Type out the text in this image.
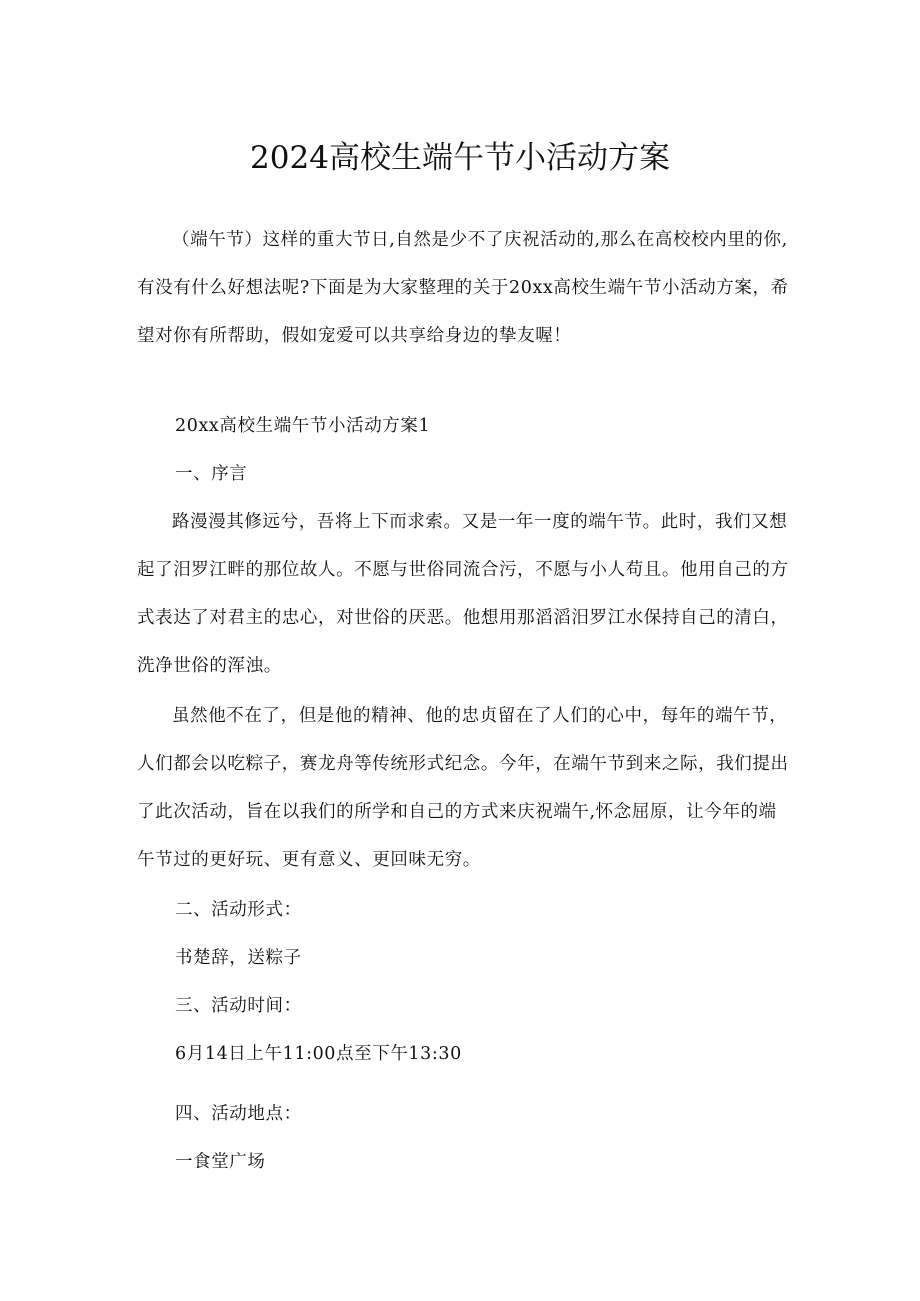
2024高校生端午节小活动方案

（端午节）这样的重大节日,自然是少不了庆祝活动的,那么在高校校内里的你,有没有什么好想法呢?下面是为大家整理的关于20xx高校生端午节小活动方案，希望对你有所帮助，假如宠爱可以共享给身边的挚友喔！

20xx高校生端午节小活动方案1

一、序言

路漫漫其修远兮，吾将上下而求索。又是一年一度的端午节。此时，我们又想起了汨罗江畔的那位故人。不愿与世俗同流合污，不愿与小人苟且。他用自己的方式表达了对君主的忠心，对世俗的厌恶。他想用那滔滔汨罗江水保持自己的清白，洗净世俗的浑浊。

虽然他不在了，但是他的精神、他的忠贞留在了人们的心中，每年的端午节，人们都会以吃粽子，赛龙舟等传统形式纪念。今年，在端午节到来之际，我们提出了此次活动，旨在以我们的所学和自己的方式来庆祝端午,怀念屈原，让今年的端午节过的更好玩、更有意义、更回味无穷。

二、活动形式：

书楚辞，送粽子

三、活动时间：

6月14日上午11:00点至下午13:30

四、活动地点：

一食堂广场
